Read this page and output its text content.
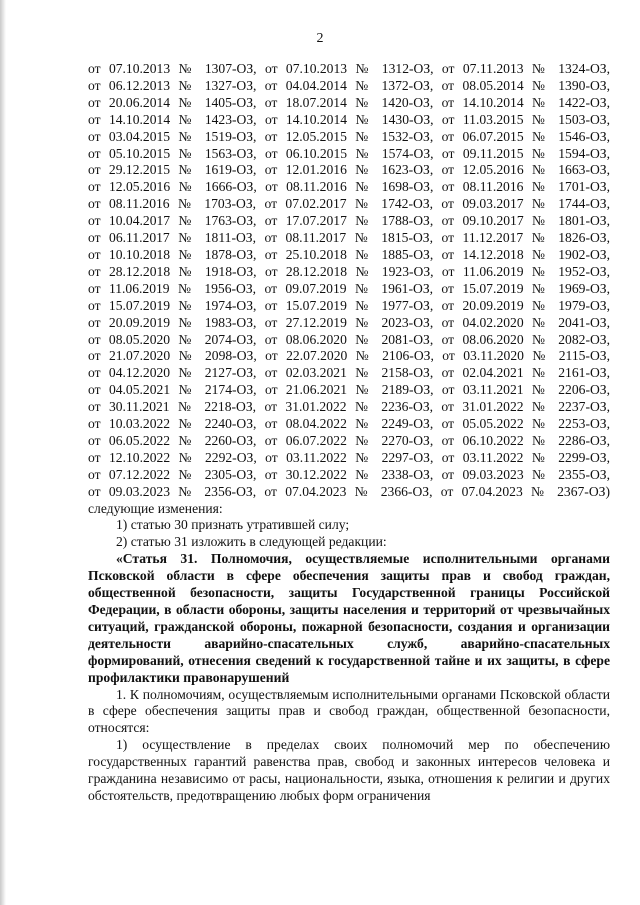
2
от 07.10.2013 № 1307-ОЗ, от 07.10.2013 № 1312-ОЗ, от 07.11.2013 № 1324-ОЗ,
от 06.12.2013 № 1327-ОЗ, от 04.04.2014 № 1372-ОЗ, от 08.05.2014 № 1390-ОЗ,
от 20.06.2014 № 1405-ОЗ, от 18.07.2014 № 1420-ОЗ, от 14.10.2014 № 1422-ОЗ,
от 14.10.2014 № 1423-ОЗ, от 14.10.2014 № 1430-ОЗ, от 11.03.2015 № 1503-ОЗ,
от 03.04.2015 № 1519-ОЗ, от 12.05.2015 № 1532-ОЗ, от 06.07.2015 № 1546-ОЗ,
от 05.10.2015 № 1563-ОЗ, от 06.10.2015 № 1574-ОЗ, от 09.11.2015 № 1594-ОЗ,
от 29.12.2015 № 1619-ОЗ, от 12.01.2016 № 1623-ОЗ, от 12.05.2016 № 1663-ОЗ,
от 12.05.2016 № 1666-ОЗ, от 08.11.2016 № 1698-ОЗ, от 08.11.2016 № 1701-ОЗ,
от 08.11.2016 № 1703-ОЗ, от 07.02.2017 № 1742-ОЗ, от 09.03.2017 № 1744-ОЗ,
от 10.04.2017 № 1763-ОЗ, от 17.07.2017 № 1788-ОЗ, от 09.10.2017 № 1801-ОЗ,
от 06.11.2017 № 1811-ОЗ, от 08.11.2017 № 1815-ОЗ, от 11.12.2017 № 1826-ОЗ,
от 10.10.2018 № 1878-ОЗ, от 25.10.2018 № 1885-ОЗ, от 14.12.2018 № 1902-ОЗ,
от 28.12.2018 № 1918-ОЗ, от 28.12.2018 № 1923-ОЗ, от 11.06.2019 № 1952-ОЗ,
от 11.06.2019 № 1956-ОЗ, от 09.07.2019 № 1961-ОЗ, от 15.07.2019 № 1969-ОЗ,
от 15.07.2019 № 1974-ОЗ, от 15.07.2019 № 1977-ОЗ, от 20.09.2019 № 1979-ОЗ,
от 20.09.2019 № 1983-ОЗ, от 27.12.2019 № 2023-ОЗ, от 04.02.2020 № 2041-ОЗ,
от 08.05.2020 № 2074-ОЗ, от 08.06.2020 № 2081-ОЗ, от 08.06.2020 № 2082-ОЗ,
от 21.07.2020 № 2098-ОЗ, от 22.07.2020 № 2106-ОЗ, от 03.11.2020 № 2115-ОЗ,
от 04.12.2020 № 2127-ОЗ, от 02.03.2021 № 2158-ОЗ, от 02.04.2021 № 2161-ОЗ,
от 04.05.2021 № 2174-ОЗ, от 21.06.2021 № 2189-ОЗ, от 03.11.2021 № 2206-ОЗ,
от 30.11.2021 № 2218-ОЗ, от 31.01.2022 № 2236-ОЗ, от 31.01.2022 № 2237-ОЗ,
от 10.03.2022 № 2240-ОЗ, от 08.04.2022 № 2249-ОЗ, от 05.05.2022 № 2253-ОЗ,
от 06.05.2022 № 2260-ОЗ, от 06.07.2022 № 2270-ОЗ, от 06.10.2022 № 2286-ОЗ,
от 12.10.2022 № 2292-ОЗ, от 03.11.2022 № 2297-ОЗ, от 03.11.2022 № 2299-ОЗ,
от 07.12.2022 № 2305-ОЗ, от 30.12.2022 № 2338-ОЗ, от 09.03.2023 № 2355-ОЗ,
от 09.03.2023 № 2356-ОЗ, от 07.04.2023 № 2366-ОЗ, от 07.04.2023 № 2367-ОЗ)
следующие изменения:
1) статью 30 признать утратившей силу;
2) статью 31 изложить в следующей редакции:
«Статья 31. Полномочия, осуществляемые исполнительными органами Псковской области в сфере обеспечения защиты прав и свобод граждан, общественной безопасности, защиты Государственной границы Российской Федерации, в области обороны, защиты населения и территорий от чрезвычайных ситуаций, гражданской обороны, пожарной безопасности, создания и организации деятельности аварийно-спасательных служб, аварийно-спасательных формирований, отнесения сведений к государственной тайне и их защиты, в сфере профилактики правонарушений
1. К полномочиям, осуществляемым исполнительными органами Псковской области в сфере обеспечения защиты прав и свобод граждан, общественной безопасности, относятся:
1) осуществление в пределах своих полномочий мер по обеспечению государственных гарантий равенства прав, свобод и законных интересов человека и гражданина независимо от расы, национальности, языка, отношения к религии и других обстоятельств, предотвращению любых форм ограничения
